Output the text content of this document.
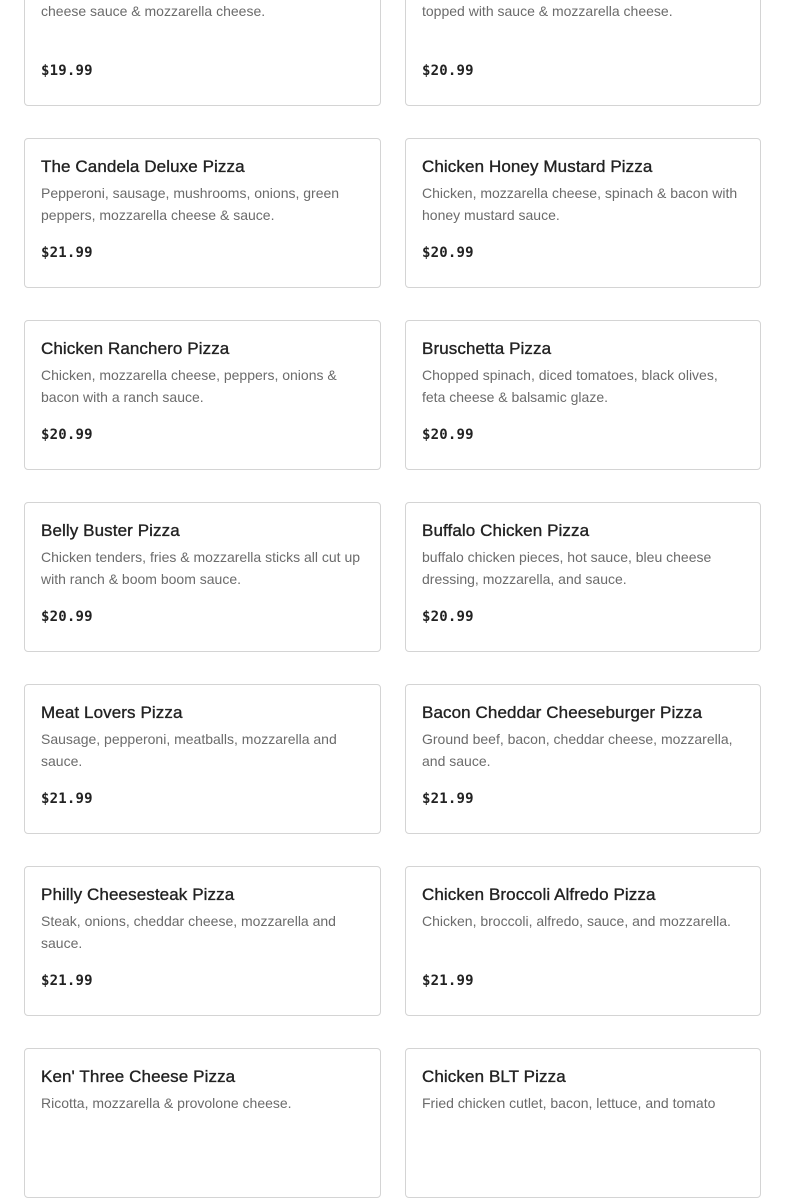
cheese sauce & mozzarella cheese.
$19.99
topped with sauce & mozzarella cheese.
$20.99
The Candela Deluxe Pizza
Pepperoni, sausage, mushrooms, onions, green peppers, mozzarella cheese & sauce.
$21.99
Chicken Honey Mustard Pizza
Chicken, mozzarella cheese, spinach & bacon with honey mustard sauce.
$20.99
Chicken Ranchero Pizza
Chicken, mozzarella cheese, peppers, onions & bacon with a ranch sauce.
$20.99
Bruschetta Pizza
Chopped spinach, diced tomatoes, black olives, feta cheese & balsamic glaze.
$20.99
Belly Buster Pizza
Chicken tenders, fries & mozzarella sticks all cut up with ranch & boom boom sauce.
$20.99
Buffalo Chicken Pizza
buffalo chicken pieces, hot sauce, bleu cheese dressing, mozzarella, and sauce.
$20.99
Meat Lovers Pizza
Sausage, pepperoni, meatballs, mozzarella and sauce.
$21.99
Bacon Cheddar Cheeseburger Pizza
Ground beef, bacon, cheddar cheese, mozzarella, and sauce.
$21.99
Philly Cheesesteak Pizza
Steak, onions, cheddar cheese, mozzarella and sauce.
$21.99
Chicken Broccoli Alfredo Pizza
Chicken, broccoli, alfredo, sauce, and mozzarella.
$21.99
Ken' Three Cheese Pizza
Ricotta, mozzarella & provolone cheese.
Chicken BLT Pizza
Fried chicken cutlet, bacon, lettuce, and tomato
